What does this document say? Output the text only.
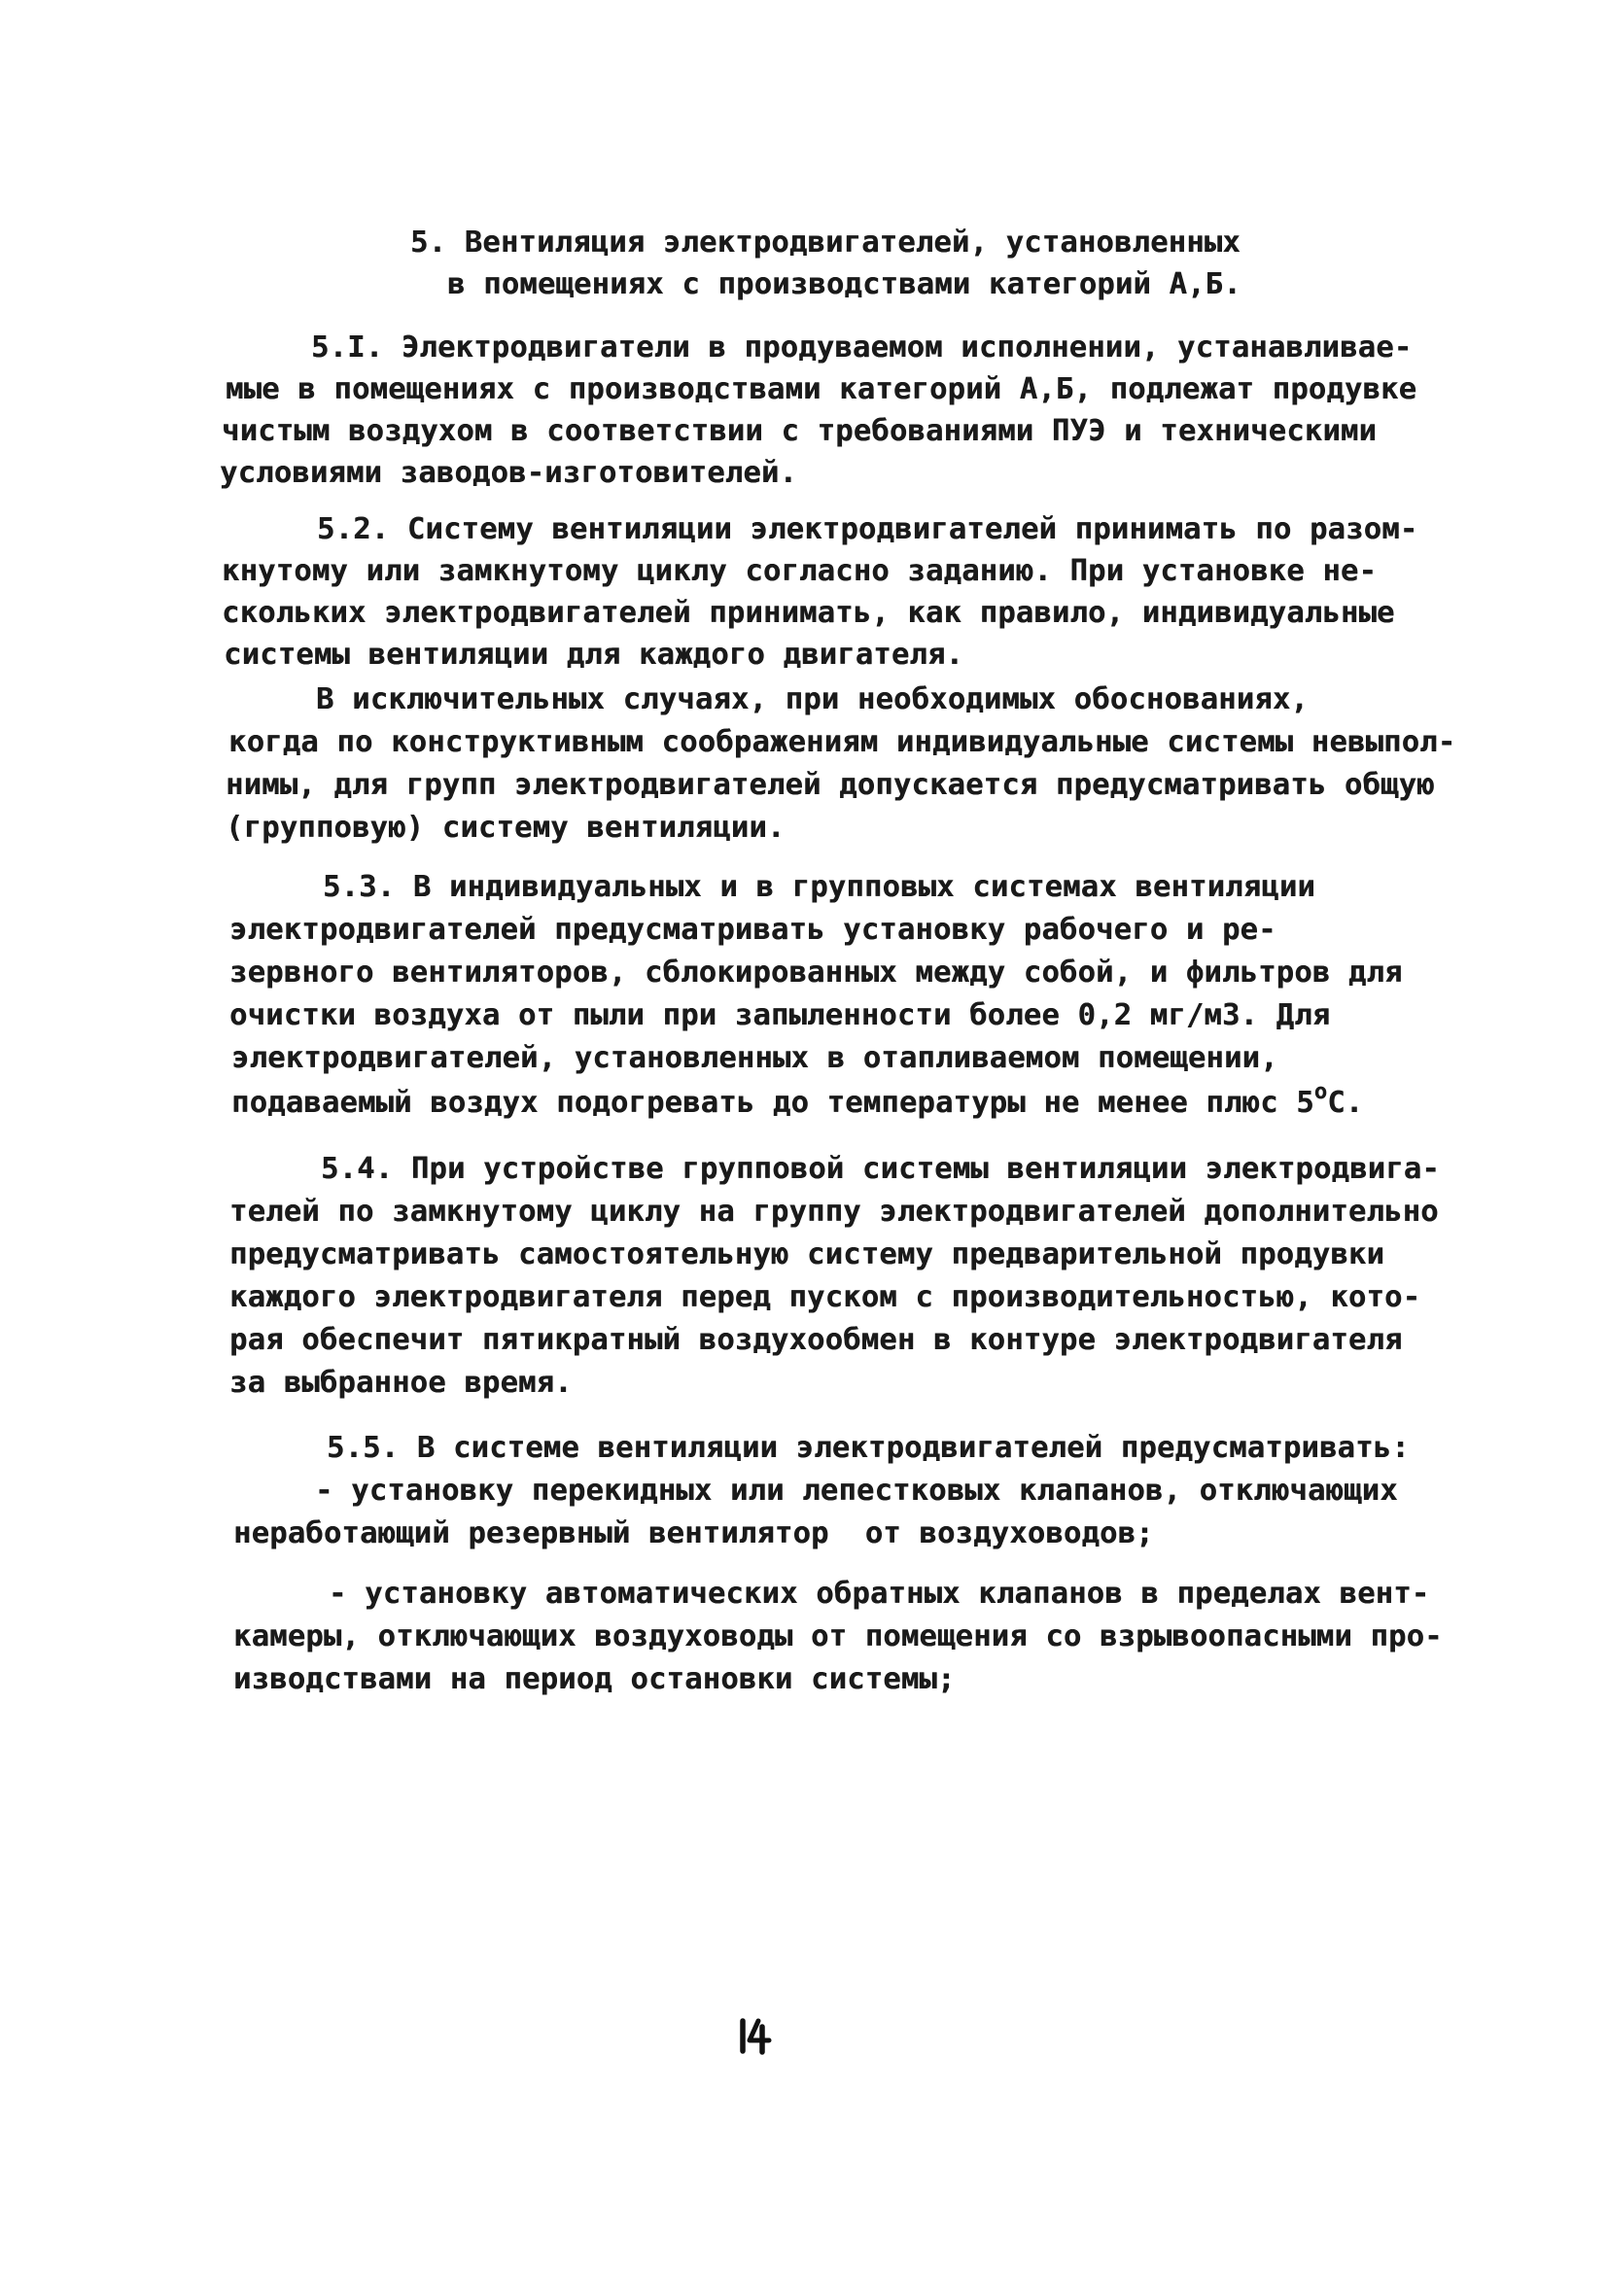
5. Вентиляция электродвигателей, установленных
в помещениях с производствами категорий А,Б.
5.I. Электродвигатели в продуваемом исполнении, устанавливае-
мые в помещениях с производствами категорий А,Б, подлежат продувке
чистым воздухом в соответствии с требованиями ПУЭ и техническими
условиями заводов-изготовителей.
5.2. Систему вентиляции электродвигателей принимать по разом-
кнутому или замкнутому циклу согласно заданию. При установке не-
скольких электродвигателей принимать, как правило, индивидуальные
системы вентиляции для каждого двигателя.
В исключительных случаях, при необходимых обоснованиях,
когда по конструктивным соображениям индивидуальные системы невыпол-
нимы, для групп электродвигателей допускается предусматривать общую
(групповую) систему вентиляции.
5.3. В индивидуальных и в групповых системах вентиляции
электродвигателей предусматривать установку рабочего и ре-
зервного вентиляторов, сблокированных между собой, и фильтров для
очистки воздуха от пыли при запыленности более 0,2 мг/м3. Для
электродвигателей, установленных в отапливаемом помещении,
подаваемый воздух подогревать до температуры не менее плюс $5^оС$.
5.4. При устройстве групповой системы вентиляции электродвига-
телей по замкнутому циклу на группу электродвигателей дополнительно
предусматривать самостоятельную систему предварительной продувки
каждого электродвигателя перед пуском с производительностью, кото-
рая обеспечит пятикратный воздухообмен в контуре электродвигателя
за выбранное время.
5.5. В системе вентиляции электродвигателей предусматривать:
- установку перекидных или лепестковых клапанов, отключающих
неработающий резервный вентилятор  от воздуховодов;
- установку автоматических обратных клапанов в пределах вент-
камеры, отключающих воздуховоды от помещения со взрывоопасными про-
изводствами на период остановки системы;
